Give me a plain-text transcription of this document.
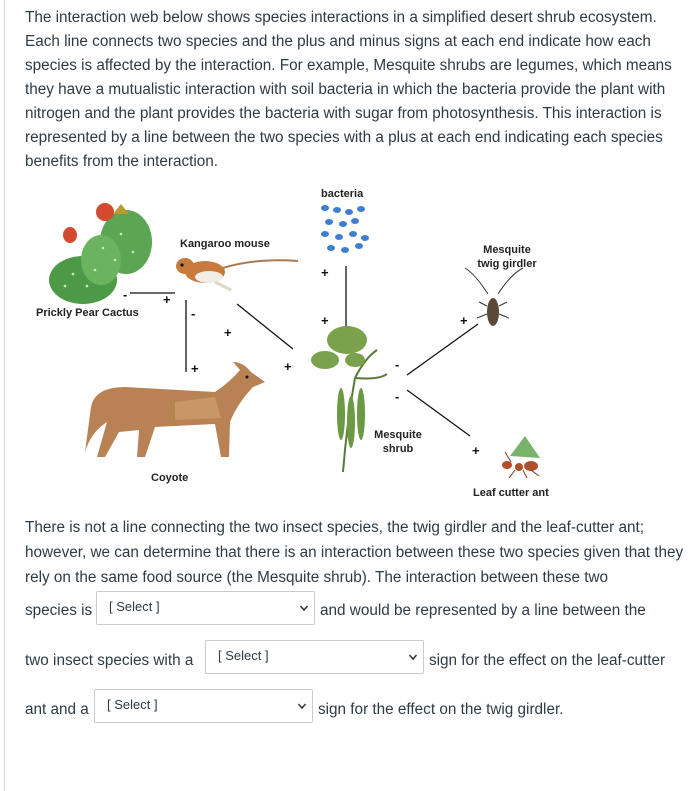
The interaction web below shows species interactions in a simplified desert shrub ecosystem. Each line connects two species and the plus and minus signs at each end indicate how each species is affected by the interaction. For example, Mesquite shrubs are legumes, which means they have a mutualistic interaction with soil bacteria in which the bacteria provide the plant with nitrogen and the plant provides the bacteria with sugar from photosynthesis. This interaction is represented by a line between the two species with a plus at each end indicating each species benefits from the interaction.

bacteria
Kangaroo mouse	Mesquite
twig girdler
Prickly Pear Cactus
Coyote
Mesquite
shrub
Leaf cutter ant
-	+
-
+
+
+
+
+	+
-
-
+
There is not a line connecting the two insect species, the twig girdler and the leaf-cutter ant; however, we can determine that there is an interaction between these two species given that they rely on the same food source (the Mesquite shrub). The interaction between these two
species is [ Select ]	and would be represented by a line between the
two insect species with a [ Select ]	sign for the effect on the leaf-cutter
ant and a [ Select ]	sign for the effect on the twig girdler.
